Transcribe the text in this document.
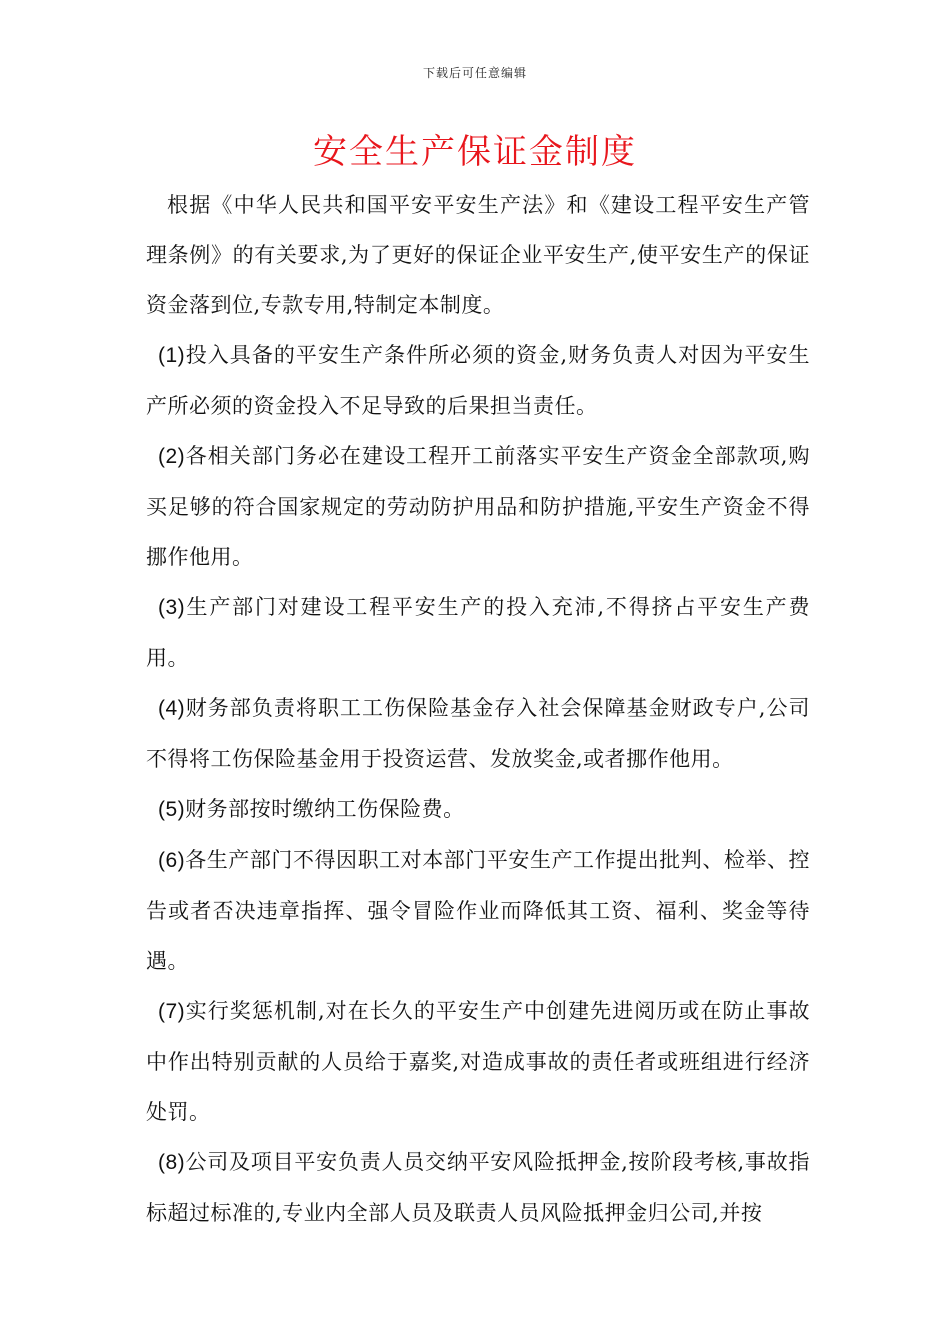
下载后可任意编辑
安全生产保证金制度

根据《中华人民共和国平安平安生产法》和《建设工程平安生产管理条例》的有关要求,为了更好的保证企业平安生产,使平安生产的保证资金落到位,专款专用,特制定本制度。

(1)投入具备的平安生产条件所必须的资金,财务负责人对因为平安生产所必须的资金投入不足导致的后果担当责任。

(2)各相关部门务必在建设工程开工前落实平安生产资金全部款项,购买足够的符合国家规定的劳动防护用品和防护措施,平安生产资金不得挪作他用。

(3)生产部门对建设工程平安生产的投入充沛,不得挤占平安生产费用。

(4)财务部负责将职工工伤保险基金存入社会保障基金财政专户,公司不得将工伤保险基金用于投资运营、发放奖金,或者挪作他用。

(5)财务部按时缴纳工伤保险费。

(6)各生产部门不得因职工对本部门平安生产工作提出批判、检举、控告或者否决违章指挥、强令冒险作业而降低其工资、福利、奖金等待遇。

(7)实行奖惩机制,对在长久的平安生产中创建先进阅历或在防止事故中作出特别贡献的人员给于嘉奖,对造成事故的责任者或班组进行经济处罚。

(8)公司及项目平安负责人员交纳平安风险抵押金,按阶段考核,事故指标超过标准的,专业内全部人员及联责人员风险抵押金归公司,并按
